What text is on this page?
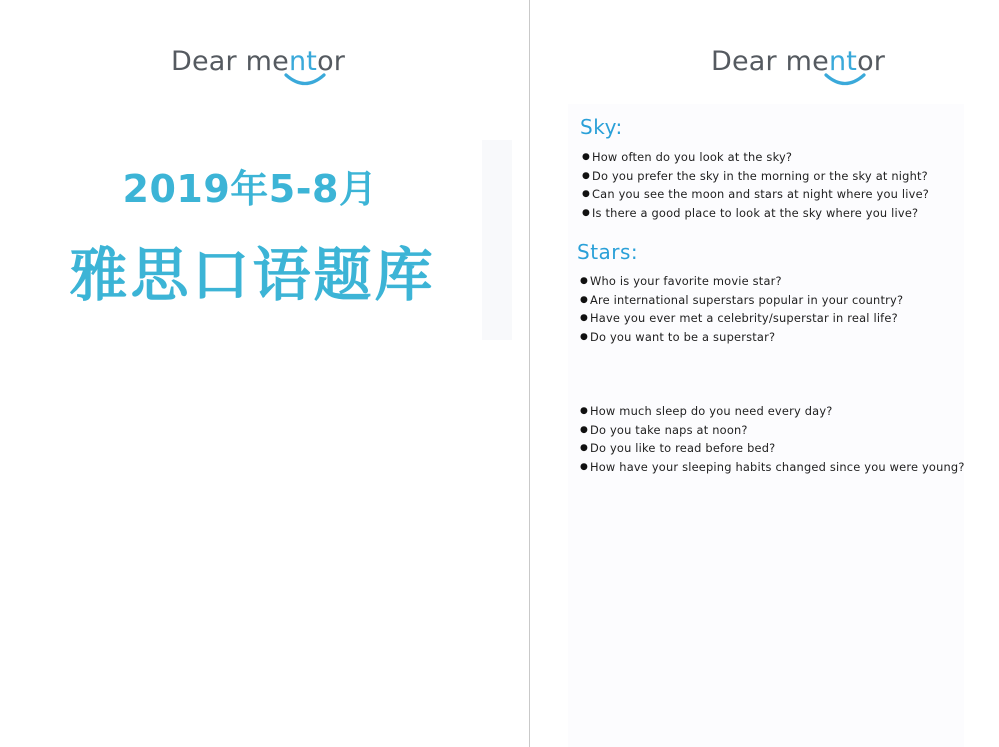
Dear mentor
2019年5-8月
雅思口语题库
Dear mentor
Sky:
● How often do you look at the sky?
● Do you prefer the sky in the morning or the sky at night?
● Can you see the moon and stars at night where you live?
● Is there a good place to look at the sky where you live?
Stars:
● Who is your favorite movie star?
● Are international superstars popular in your country?
● Have you ever met a celebrity/superstar in real life?
● Do you want to be a superstar?
● How much sleep do you need every day?
● Do you take naps at noon?
● Do you like to read before bed?
● How have your sleeping habits changed since you were young?
